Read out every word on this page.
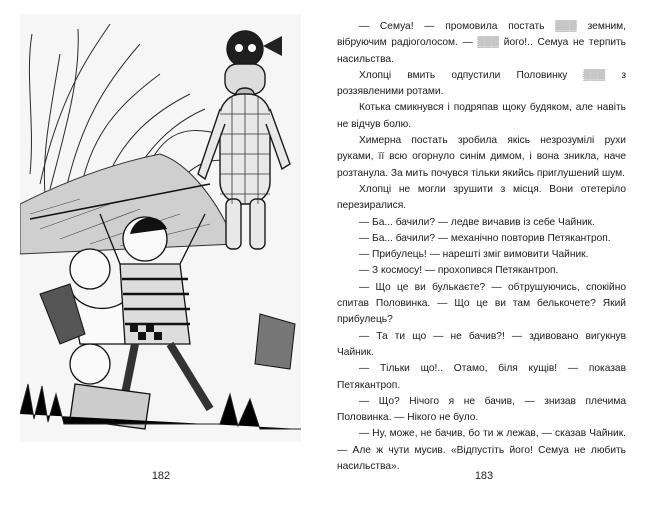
182

— Семуа! — промовила постать ▒▒▒ земним, вібруючим радіоголосом. — ▒▒▒ його!.. Семуа не терпить насильства.

Хлопці вмить одпустили Половинку ▒▒▒ з роззявленими ротами.

Котька смикнувся і подряпав щоку будяком, але навіть не відчув болю.

Химерна постать зробила якісь незрозумілі рухи руками, її всю огорнуло синім димом, і вона зникла, наче розтанула. За мить почувся тільки якийсь приглушений шум.

Хлопці не могли зрушити з місця. Вони отетеріло перезиралися.

— Ба... бачили? — ледве вичавив із себе Чайник.

— Ба... бачили? — механічно повторив Петякантроп.

— Прибулець! — нарешті зміг вимовити Чайник.

— З космосу! — прохопився Петякантроп.

— Що це ви булькаєте? — обтрушуючись, спокійно спитав Половинка. — Що це ви там белькочете? Який прибулець?

— Та ти що — не бачив?! — здивовано вигукнув Чайник.

— Тільки що!.. Отамо, біля кущів! — показав Петякантроп.

— Що? Нічого я не бачив, — знизав плечима Половинка. — Нікого не було.

— Ну, може, не бачив, бо ти ж лежав, — сказав Чайник. — Але ж чути мусив. «Відпустіть його! Семуа не любить насильства».

183
